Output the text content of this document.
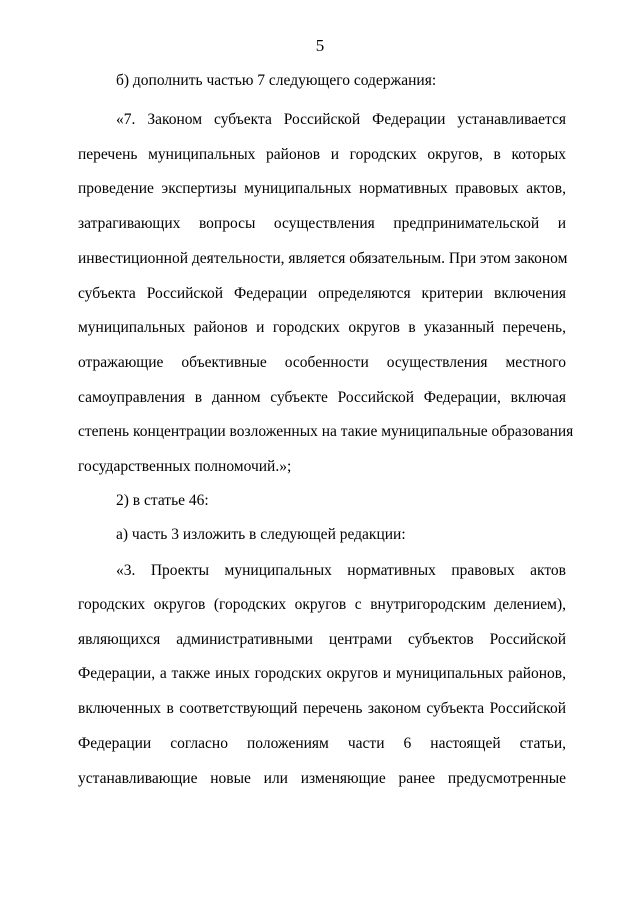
5
б) дополнить частью 7 следующего содержания:
«7. Законом субъекта Российской Федерации устанавливается
перечень муниципальных районов и городских округов, в которых
проведение экспертизы муниципальных нормативных правовых актов,
затрагивающих вопросы осуществления предпринимательской и
инвестиционной деятельности, является обязательным. При этом законом
субъекта Российской Федерации определяются критерии включения
муниципальных районов и городских округов в указанный перечень,
отражающие объективные особенности осуществления местного
самоуправления в данном субъекте Российской Федерации, включая
степень концентрации возложенных на такие муниципальные образования
государственных полномочий.»;
2) в статье 46:
а) часть 3 изложить в следующей редакции:
«3. Проекты муниципальных нормативных правовых актов
городских округов (городских округов с внутригородским делением),
являющихся административными центрами субъектов Российской
Федерации, а также иных городских округов и муниципальных районов,
включенных в соответствующий перечень законом субъекта Российской
Федерации согласно положениям части 6 настоящей статьи,
устанавливающие новые или изменяющие ранее предусмотренные
